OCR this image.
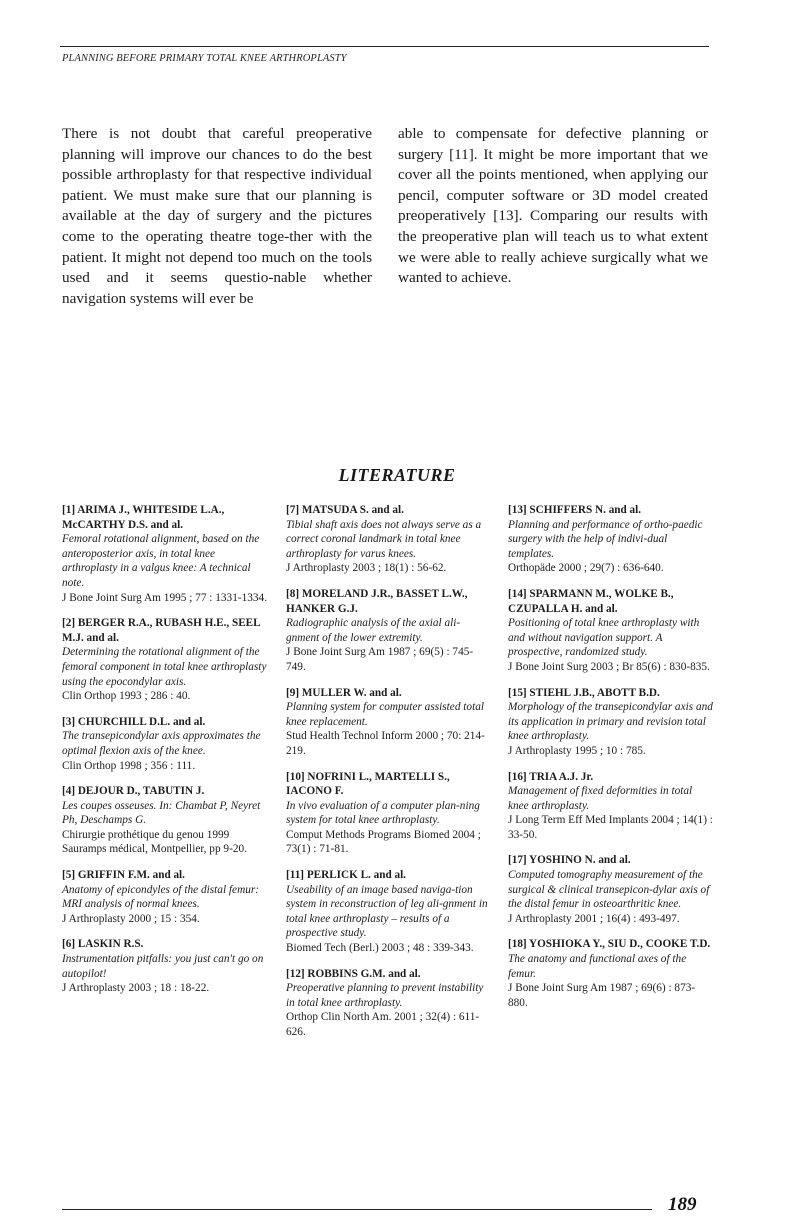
PLANNING BEFORE PRIMARY TOTAL KNEE ARTHROPLASTY
There is not doubt that careful preoperative planning will improve our chances to do the best possible arthroplasty for that respective individual patient. We must make sure that our planning is available at the day of surgery and the pictures come to the operating theatre toge-ther with the patient. It might not depend too much on the tools used and it seems questio-nable whether navigation systems will ever be
able to compensate for defective planning or surgery [11]. It might be more important that we cover all the points mentioned, when applying our pencil, computer software or 3D model created preoperatively [13]. Comparing our results with the preoperative plan will teach us to what extent we were able to really achieve surgically what we wanted to achieve.
LITERATURE
[1] ARIMA J., WHITESIDE L.A., McCARTHY D.S. and al.
Femoral rotational alignment, based on the anteroposterior axis, in total knee arthroplasty in a valgus knee: A technical note.
J Bone Joint Surg Am 1995 ; 77 : 1331-1334.
[2] BERGER R.A., RUBASH H.E., SEEL M.J. and al.
Determining the rotational alignment of the femoral component in total knee arthroplasty using the epocondylar axis.
Clin Orthop 1993 ; 286 : 40.
[3] CHURCHILL D.L. and al.
The transepicondylar axis approximates the optimal flexion axis of the knee.
Clin Orthop 1998 ; 356 : 111.
[4] DEJOUR D., TABUTIN J.
Les coupes osseuses. In: Chambat P, Neyret Ph, Deschamps G.
Chirurgie prothétique du genou 1999 Sauramps médical, Montpellier, pp 9-20.
[5] GRIFFIN F.M. and al.
Anatomy of epicondyles of the distal femur: MRI analysis of normal knees.
J Arthroplasty 2000 ; 15 : 354.
[6] LASKIN R.S.
Instrumentation pitfalls: you just can't go on autopilot!
J Arthroplasty 2003 ; 18 : 18-22.
[7] MATSUDA S. and al.
Tibial shaft axis does not always serve as a correct coronal landmark in total knee arthroplasty for varus knees.
J Arthroplasty 2003 ; 18(1) : 56-62.
[8] MORELAND J.R., BASSET L.W., HANKER G.J.
Radiographic analysis of the axial ali-gnment of the lower extremity.
J Bone Joint Surg Am 1987 ; 69(5) : 745-749.
[9] MULLER W. and al.
Planning system for computer assisted total knee replacement.
Stud Health Technol Inform 2000 ; 70: 214-219.
[10] NOFRINI L., MARTELLI S., IACONO F.
In vivo evaluation of a computer plan-ning system for total knee arthroplasty.
Comput Methods Programs Biomed 2004 ; 73(1) : 71-81.
[11] PERLICK L. and al.
Useability of an image based naviga-tion system in reconstruction of leg ali-gnment in total knee arthroplasty – results of a prospective study.
Biomed Tech (Berl.) 2003 ; 48 : 339-343.
[12] ROBBINS G.M. and al.
Preoperative planning to prevent instability in total knee arthroplasty.
Orthop Clin North Am. 2001 ; 32(4) : 611-626.
[13] SCHIFFERS N. and al.
Planning and performance of ortho-paedic surgery with the help of indivi-dual templates.
Orthopäde 2000 ; 29(7) : 636-640.
[14] SPARMANN M., WOLKE B., CZUPALLA H. and al.
Positioning of total knee arthroplasty with and without navigation support. A prospective, randomized study.
J Bone Joint Surg 2003 ; Br 85(6) : 830-835.
[15] STIEHL J.B., ABOTT B.D.
Morphology of the transepicondylar axis and its application in primary and revision total knee arthroplasty.
J Arthroplasty 1995 ; 10 : 785.
[16] TRIA A.J. Jr.
Management of fixed deformities in total knee arthroplasty.
J Long Term Eff Med Implants 2004 ; 14(1) : 33-50.
[17] YOSHINO N. and al.
Computed tomography measurement of the surgical & clinical transepicon-dylar axis of the distal femur in osteoarthritic knee.
J Arthroplasty 2001 ; 16(4) : 493-497.
[18] YOSHIOKA Y., SIU D., COOKE T.D.
The anatomy and functional axes of the femur.
J Bone Joint Surg Am 1987 ; 69(6) : 873-880.
189
